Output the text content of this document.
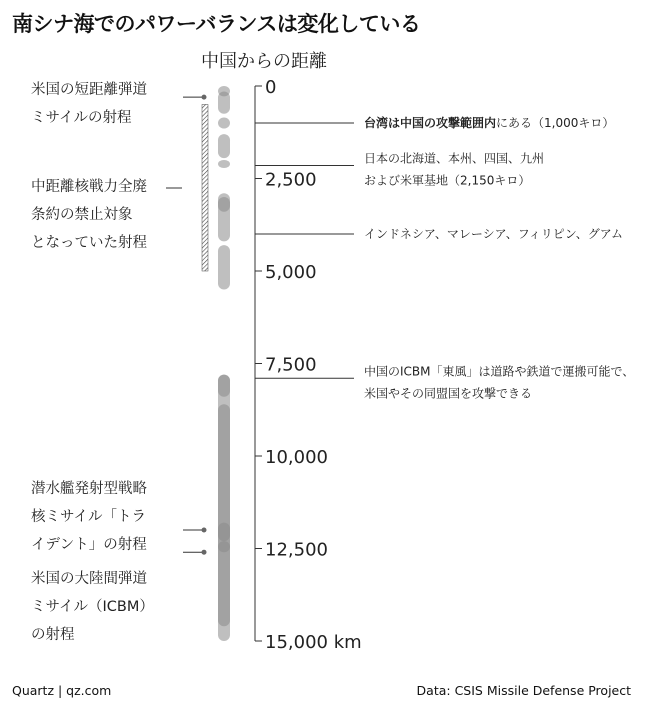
南シナ海でのパワーバランスは変化している
中国からの距離
0
2,500
5,000
7,500
10,000
12,500
15,000 km
米国の短距離弾道
ミサイルの射程
中距離核戦力全廃
条約の禁止対象
となっていた射程
潜水艦発射型戦略
核ミサイル「トラ
イデント」の射程
米国の大陸間弾道
ミサイル（ICBM）
の射程
台湾は中国の攻撃範囲内にある（1,000キロ）
日本の北海道、本州、四国、九州
および米軍基地（2,150キロ）
インドネシア、マレーシア、フィリピン、グアム
中国のICBM「東風」は道路や鉄道で運搬可能で、
米国やその同盟国を攻撃できる
Quartz | qz.com	Data: CSIS Missile Defense Project
